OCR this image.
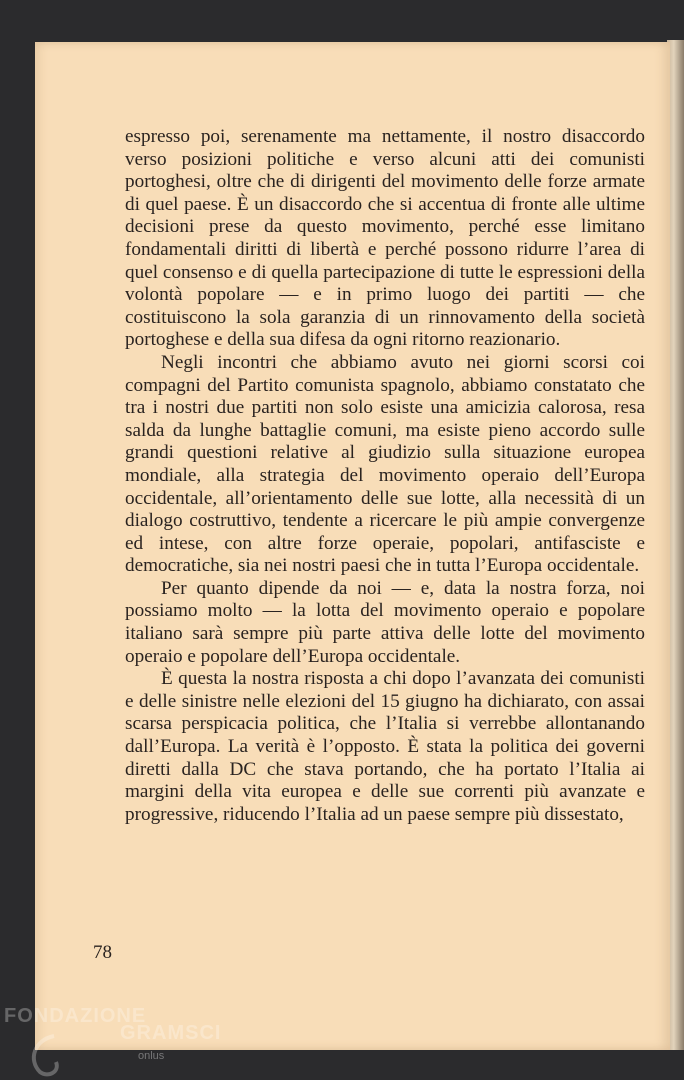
espresso poi, serenamente ma nettamente, il nostro disaccordo verso posizioni politiche e verso alcuni atti dei comunisti portoghesi, oltre che di dirigenti del movimento delle forze armate di quel paese. È un disaccordo che si accentua di fronte alle ultime decisioni prese da questo movimento, perché esse limitano fondamentali diritti di libertà e perché possono ridurre l’area di quel consenso e di quella partecipazione di tutte le espressioni della volontà popolare — e in primo luogo dei partiti — che costituiscono la sola garanzia di un rinnovamento della società portoghese e della sua difesa da ogni ritorno reazionario.

Negli incontri che abbiamo avuto nei giorni scorsi coi compagni del Partito comunista spagnolo, abbiamo constatato che tra i nostri due partiti non solo esiste una amicizia calorosa, resa salda da lunghe battaglie comuni, ma esiste pieno accordo sulle grandi questioni relative al giudizio sulla situazione europea mondiale, alla strategia del movimento operaio dell’Europa occidentale, all’orientamento delle sue lotte, alla necessità di un dialogo costruttivo, tendente a ricercare le più ampie convergenze ed intese, con altre forze operaie, popolari, antifasciste e democratiche, sia nei nostri paesi che in tutta l’Europa occidentale.

Per quanto dipende da noi — e, data la nostra forza, noi possiamo molto — la lotta del movimento operaio e popolare italiano sarà sempre più parte attiva delle lotte del movimento operaio e popolare dell’Europa occidentale.

È questa la nostra risposta a chi dopo l’avanzata dei comunisti e delle sinistre nelle elezioni del 15 giugno ha dichiarato, con assai scarsa perspicacia politica, che l’Italia si verrebbe allontanando dall’Europa. La verità è l’opposto. È stata la politica dei governi diretti dalla DC che stava portando, che ha portato l’Italia ai margini della vita europea e delle sue correnti più avanzate e progressive, riducendo l’Italia ad un paese sempre più dissestato,

78
FONDAZIONE
GRAMSCI
onlus
